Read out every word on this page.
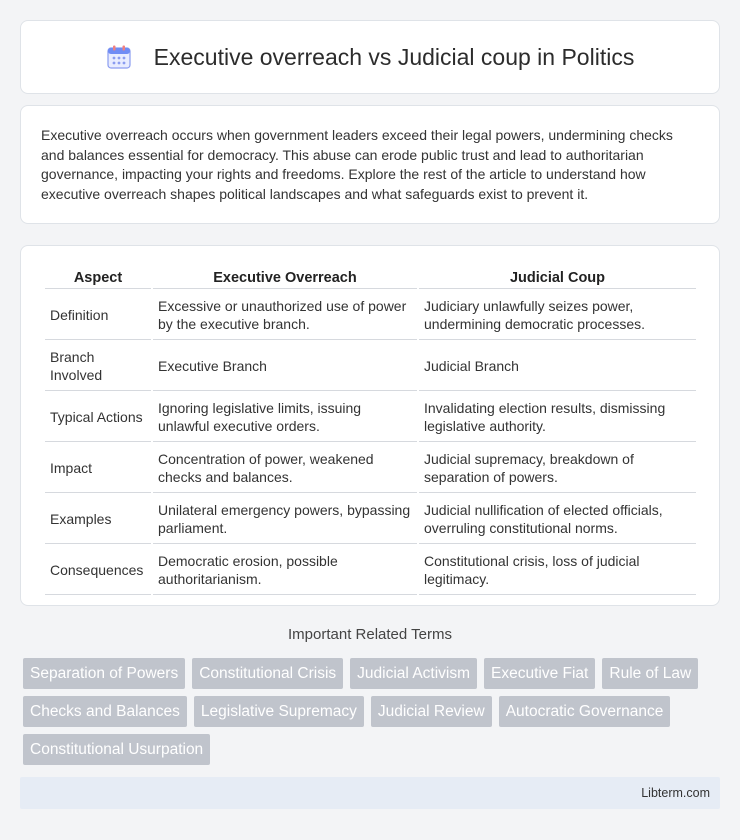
Executive overreach vs Judicial coup in Politics

Executive overreach occurs when government leaders exceed their legal powers, undermining checks and balances essential for democracy. This abuse can erode public trust and lead to authoritarian governance, impacting your rights and freedoms. Explore the rest of the article to understand how executive overreach shapes political landscapes and what safeguards exist to prevent it.

Aspect	Executive Overreach	Judicial Coup
Definition	Excessive or unauthorized use of power by the executive branch.	Judiciary unlawfully seizes power, undermining democratic processes.
Branch Involved	Executive Branch	Judicial Branch
Typical Actions	Ignoring legislative limits, issuing unlawful executive orders.	Invalidating election results, dismissing legislative authority.
Impact	Concentration of power, weakened checks and balances.	Judicial supremacy, breakdown of separation of powers.
Examples	Unilateral emergency powers, bypassing parliament.	Judicial nullification of elected officials, overruling constitutional norms.
Consequences	Democratic erosion, possible authoritarianism.	Constitutional crisis, loss of judicial legitimacy.
Important Related Terms
Separation of Powers	Constitutional Crisis	Judicial Activism	Executive Fiat	Rule of Law
Checks and Balances	Legislative Supremacy	Judicial Review	Autocratic Governance
Constitutional Usurpation
Libterm.com
